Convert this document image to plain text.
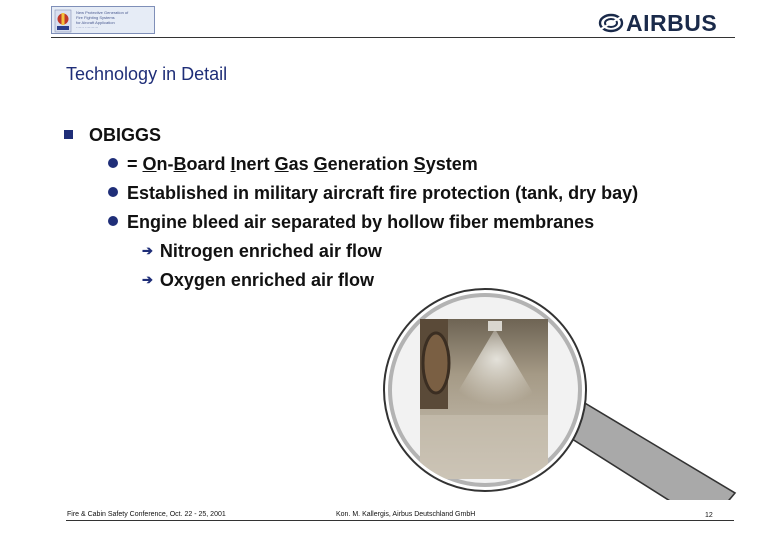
New Protective Generation of
Fire Fighting Systems
for Aircraft Application
······ ··········	AIRBUS
Technology in Detail
OBIGGS
= On-Board Inert Gas Generation System
Established in military aircraft fire protection (tank, dry bay)
Engine bleed air separated by hollow fiber membranes
➔ Nitrogen enriched air flow
➔ Oxygen enriched air flow
Fire & Cabin Safety Conference, Oct. 22 - 25, 2001	Kon. M. Kallergis, Airbus Deutschland GmbH	12
